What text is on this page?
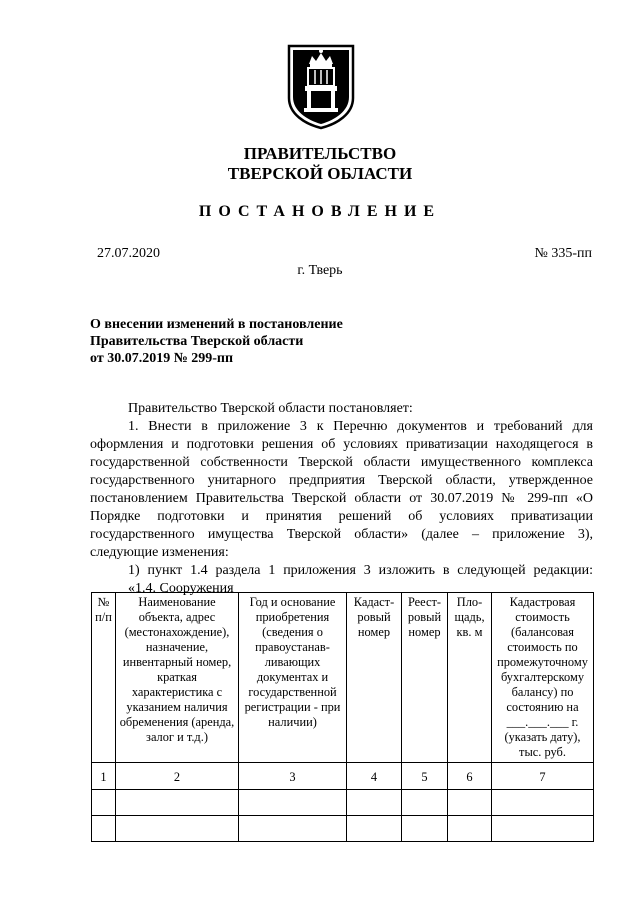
ПРАВИТЕЛЬСТВО
ТВЕРСКОЙ ОБЛАСТИ
ПОСТАНОВЛЕНИЕ
27.07.2020	№ 335-пп
г. Тверь
О внесении изменений в постановление
Правительства Тверской области
от 30.07.2019 № 299-пп

Правительство Тверской области постановляет:

1. Внести в приложение 3 к Перечню документов и требований для оформления и подготовки решения об условиях приватизации находящегося в государственной собственности Тверской области имущественного комплекса государственного унитарного предприятия Тверской области, утвержденное постановлением Правительства Тверской области от 30.07.2019 № 299-пп «О Порядке подготовки и принятия решений об условиях приватизации государственного имущества Тверской области» (далее – приложение 3), следующие изменения:

1) пункт 1.4 раздела 1 приложения 3 изложить в следующей редакции:

«1.4. Сооружения

№ п/п	Наименование объекта, адрес (местонахождение), назначение, инвентарный номер, краткая характеристика с указанием наличия обременения (аренда, залог и т.д.)	Год и основание приобретения (сведения о правоустанав-ливающих документах и государственной регистрации - при наличии)	Кадаст-ровый номер	Реест-ровый номер	Пло-щадь, кв. м	Кадастровая стоимость (балансовая стоимость по промежуточному бухгалтерскому балансу) по состоянию на ___.___.___ г. (указать дату), тыс. руб.
1	2	3	4	5	6	7
